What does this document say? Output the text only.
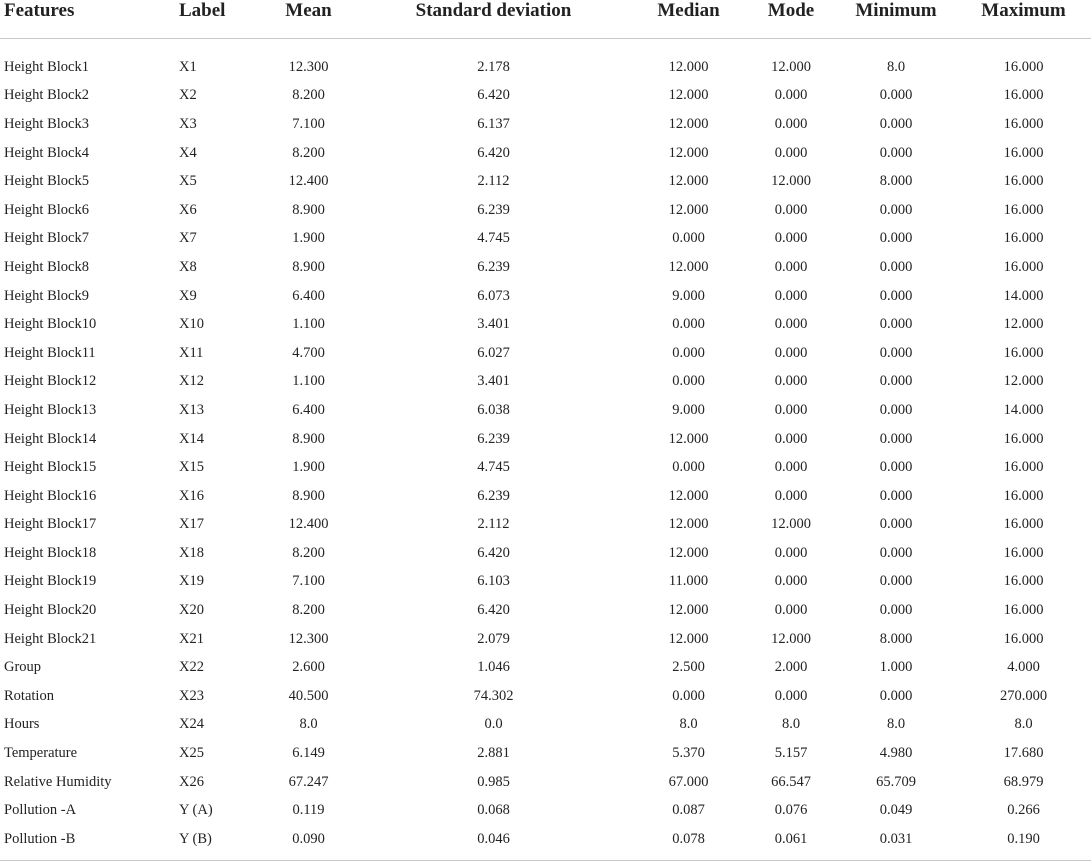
Features	Label	Mean	Standard deviation	Median	Mode	Minimum	Maximum
Height Block1	X1	12.300	2.178	12.000	12.000	8.0	16.000
Height Block2	X2	8.200	6.420	12.000	0.000	0.000	16.000
Height Block3	X3	7.100	6.137	12.000	0.000	0.000	16.000
Height Block4	X4	8.200	6.420	12.000	0.000	0.000	16.000
Height Block5	X5	12.400	2.112	12.000	12.000	8.000	16.000
Height Block6	X6	8.900	6.239	12.000	0.000	0.000	16.000
Height Block7	X7	1.900	4.745	0.000	0.000	0.000	16.000
Height Block8	X8	8.900	6.239	12.000	0.000	0.000	16.000
Height Block9	X9	6.400	6.073	9.000	0.000	0.000	14.000
Height Block10	X10	1.100	3.401	0.000	0.000	0.000	12.000
Height Block11	X11	4.700	6.027	0.000	0.000	0.000	16.000
Height Block12	X12	1.100	3.401	0.000	0.000	0.000	12.000
Height Block13	X13	6.400	6.038	9.000	0.000	0.000	14.000
Height Block14	X14	8.900	6.239	12.000	0.000	0.000	16.000
Height Block15	X15	1.900	4.745	0.000	0.000	0.000	16.000
Height Block16	X16	8.900	6.239	12.000	0.000	0.000	16.000
Height Block17	X17	12.400	2.112	12.000	12.000	0.000	16.000
Height Block18	X18	8.200	6.420	12.000	0.000	0.000	16.000
Height Block19	X19	7.100	6.103	11.000	0.000	0.000	16.000
Height Block20	X20	8.200	6.420	12.000	0.000	0.000	16.000
Height Block21	X21	12.300	2.079	12.000	12.000	8.000	16.000
Group	X22	2.600	1.046	2.500	2.000	1.000	4.000
Rotation	X23	40.500	74.302	0.000	0.000	0.000	270.000
Hours	X24	8.0	0.0	8.0	8.0	8.0	8.0
Temperature	X25	6.149	2.881	5.370	5.157	4.980	17.680
Relative Humidity	X26	67.247	0.985	67.000	66.547	65.709	68.979
Pollution -A	Y (A)	0.119	0.068	0.087	0.076	0.049	0.266
Pollution -B	Y (B)	0.090	0.046	0.078	0.061	0.031	0.190
